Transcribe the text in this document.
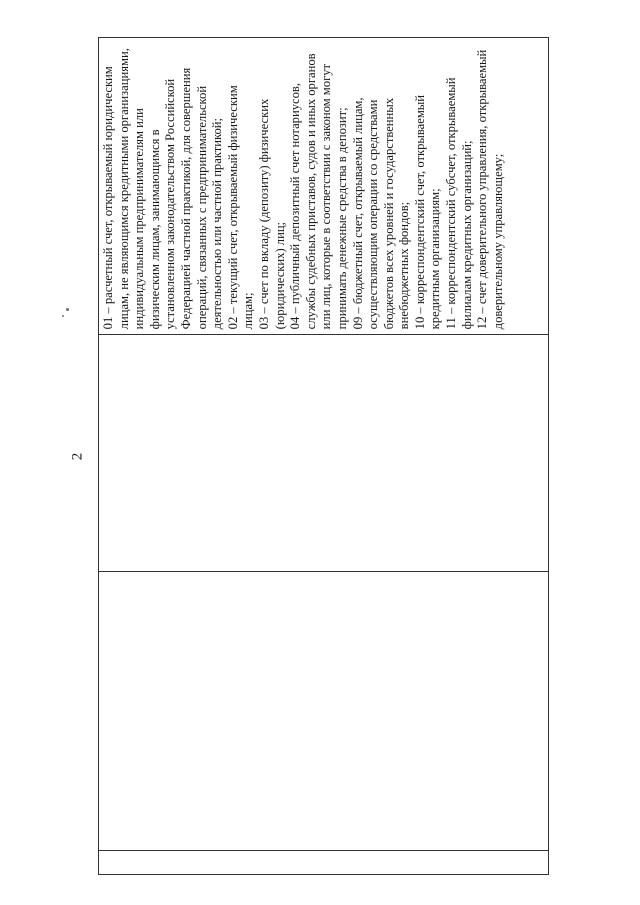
2

01 – расчетный счет, открываемый юридическим
лицам, не являющимся кредитными организациями,
индивидуальным предпринимателям или
физическим лицам, занимающимся в
установленном законодательством Российской
Федерацией частной практикой, для совершения
операций, связанных с предпринимательской
деятельностью или частной практикой;

02 – текущий счет, открываемый физическим
лицам; 03 – счет по вкладу (депозиту) физических
(юридических) лиц;

04 – публичный депозитный счет нотариусов,
службы судебных приставов, судов и иных органов
или лиц, которые в соответствии с законом могут
принимать денежные средства в депозит;

09 – бюджетный счет, открываемый лицам,
осуществляющим операции со средствами
бюджетов всех уровней и государственных
внебюджетных фондов;

10 – корреспондентский счет, открываемый
кредитным организациям;

11 – корреспондентский субсчет, открываемый
филиалам кредитных организаций;

12 – счет доверительного управления, открываемый
доверительному управляющему;
